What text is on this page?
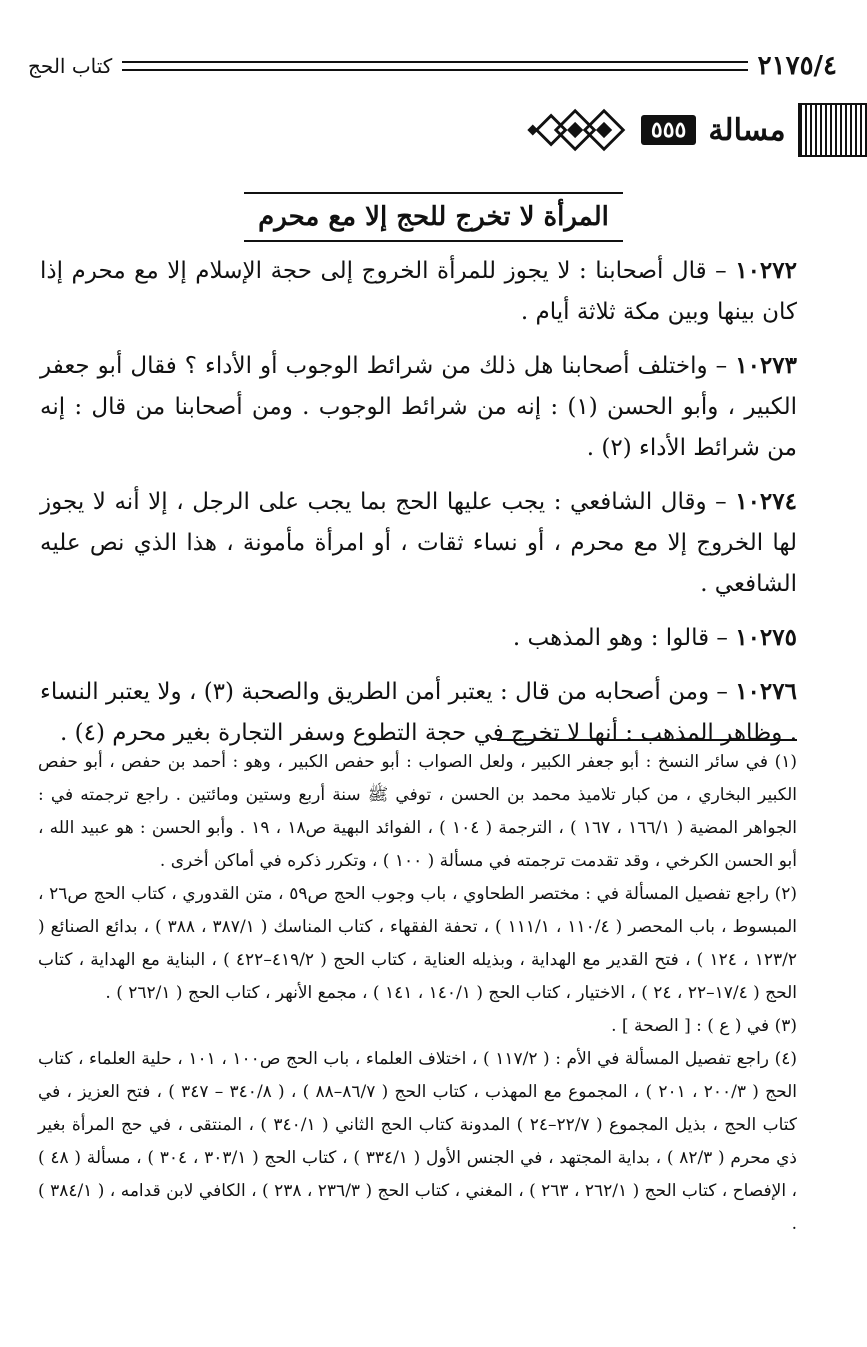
٢١٧٥/٤
كتاب الحج
مسالة
٥٥٥
المرأة لا تخرج للحج إلا مع محرم

١٠٢٧٢ – قال أصحابنا : لا يجوز للمرأة الخروج إلى حجة الإسلام إلا مع محرم إذا كان بينها وبين مكة ثلاثة أيام .

١٠٢٧٣ – واختلف أصحابنا هل ذلك من شرائط الوجوب أو الأداء ؟ فقال أبو جعفر الكبير ، وأبو الحسن (١) : إنه من شرائط الوجوب . ومن أصحابنا من قال : إنه من شرائط الأداء (٢) .

١٠٢٧٤ – وقال الشافعي : يجب عليها الحج بما يجب على الرجل ، إلا أنه لا يجوز لها الخروج إلا مع محرم ، أو نساء ثقات ، أو امرأة مأمونة ، هذا الذي نص عليه الشافعي .

١٠٢٧٥ – قالوا : وهو المذهب .

١٠٢٧٦ – ومن أصحابه من قال : يعتبر أمن الطريق والصحبة (٣) ، ولا يعتبر النساء . وظاهر المذهب : أنها لا تخرج في حجة التطوع وسفر التجارة بغير محرم (٤) .

(١) في سائر النسخ : أبو جعفر الكبير ، ولعل الصواب : أبو حفص الكبير ، وهو : أحمد بن حفص ، أبو حفص الكبير البخاري ، من كبار تلاميذ محمد بن الحسن ، توفي ﷺ سنة أربع وستين ومائتين . راجع ترجمته في : الجواهر المضية ( ١٦٦/١ ، ١٦٧ ) ، الترجمة ( ١٠٤ ) ، الفوائد البهية ص١٨ ، ١٩ . وأبو الحسن : هو عبيد الله ، أبو الحسن الكرخي ، وقد تقدمت ترجمته في مسألة ( ١٠٠ ) ، وتكرر ذكره في أماكن أخرى .

(٢) راجع تفصيل المسألة في : مختصر الطحاوي ، باب وجوب الحج ص٥٩ ، متن القدوري ، كتاب الحج ص٢٦ ، المبسوط ، باب المحصر ( ١١٠/٤ ، ١١١/١ ) ، تحفة الفقهاء ، كتاب المناسك ( ٣٨٧/١ ، ٣٨٨ ) ، بدائع الصنائع ( ١٢٣/٢ ، ١٢٤ ) ، فتح القدير مع الهداية ، وبذيله العناية ، كتاب الحج ( ٤١٩/٢–٤٢٢ ) ، البناية مع الهداية ، كتاب الحج ( ١٧/٤–٢٢ ، ٢٤ ) ، الاختيار ، كتاب الحج ( ١٤٠/١ ، ١٤١ ) ، مجمع الأنهر ، كتاب الحج ( ٢٦٢/١ ) .

(٣) في ( ع ) : [ الصحة ] .

(٤) راجع تفصيل المسألة في الأم : ( ١١٧/٢ ) ، اختلاف العلماء ، باب الحج ص١٠٠ ، ١٠١ ، حلية العلماء ، كتاب الحج ( ٢٠٠/٣ ، ٢٠١ ) ، المجموع مع المهذب ، كتاب الحج ( ٨٦/٧–٨٨ ) ، ( ٣٤٠/٨ – ٣٤٧ ) ، فتح العزيز ، في كتاب الحج ، بذيل المجموع ( ٢٢/٧–٢٤ ) المدونة كتاب الحج الثاني ( ٣٤٠/١ ) ، المنتقى ، في حج المرأة بغير ذي محرم ( ٨٢/٣ ) ، بداية المجتهد ، في الجنس الأول ( ٣٣٤/١ ) ، كتاب الحج ( ٣٠٣/١ ، ٣٠٤ ) ، مسألة ( ٤٨ ) ، الإفصاح ، كتاب الحج ( ٢٦٢/١ ، ٢٦٣ ) ، المغني ، كتاب الحج ( ٢٣٦/٣ ، ٢٣٨ ) ، الكافي لابن قدامه ، ( ٣٨٤/١ ) .
